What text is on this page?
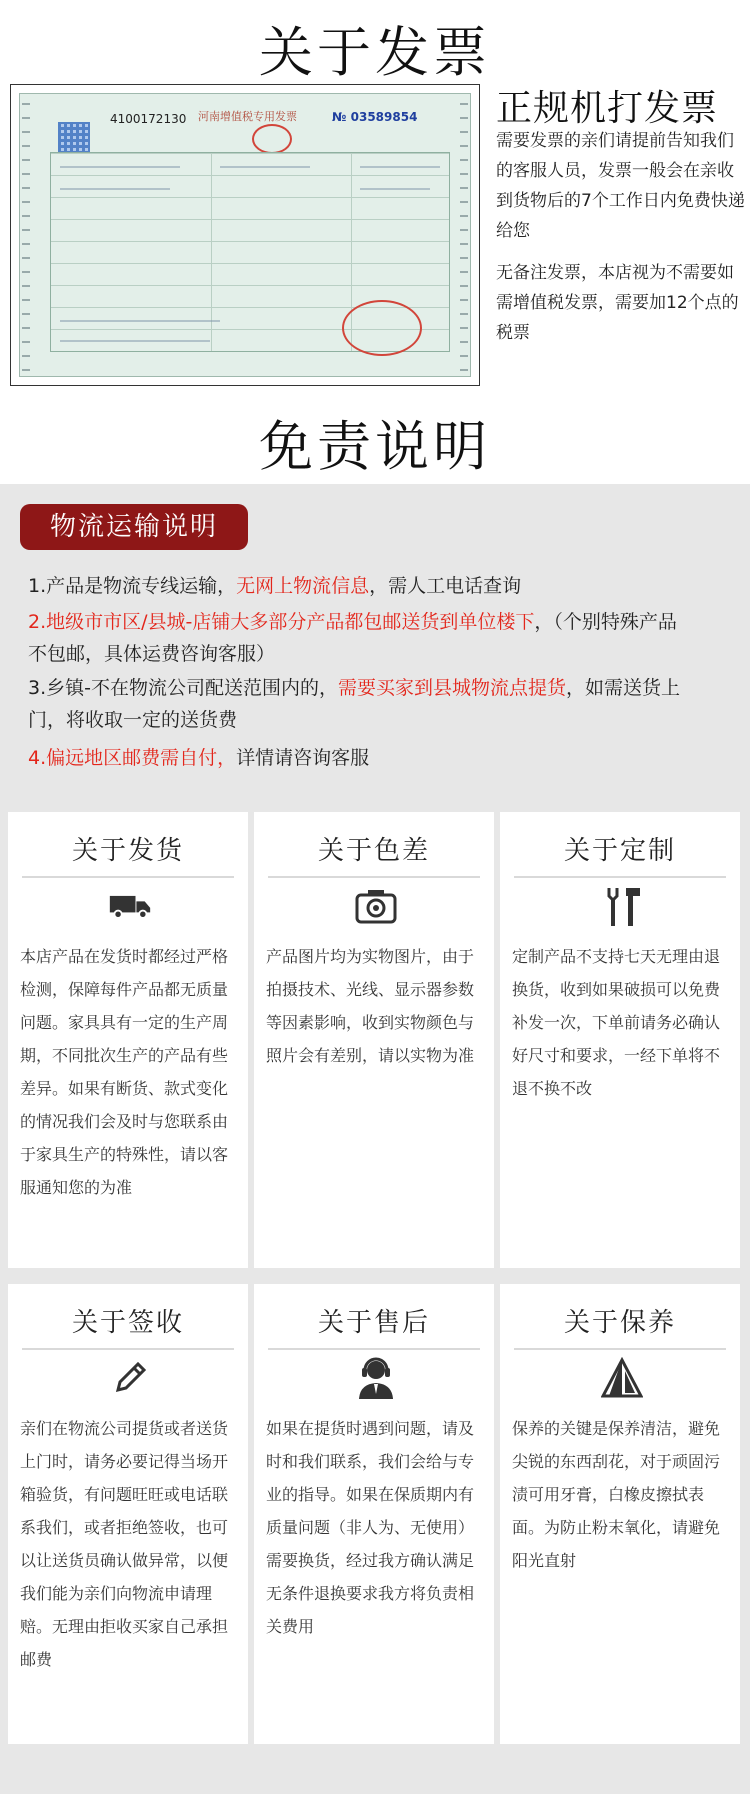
关于发票
4100172130 河南增值税专用发票	№ 03589854 正规机打发票

需要发票的亲们请提前告知我们的客服人员，发票一般会在亲收到货物后的7个工作日内免费快递给您

无备注发票，本店视为不需要如需增值税发票，需要加12个点的税票

免责说明
物流运输说明

1.产品是物流专线运输，无网上物流信息，需人工电话查询

2.地级市市区/县城-店铺大多部分产品都包邮送货到单位楼下，（个别特殊产品不包邮，具体运费咨询客服）

3.乡镇-不在物流公司配送范围内的，需要买家到县城物流点提货，如需送货上门，将收取一定的送货费

4.偏远地区邮费需自付，详情请咨询客服

关于发货
本店产品在发货时都经过严格检测，保障每件产品都无质量问题。家具具有一定的生产周期，不同批次生产的产品有些差异。如果有断货、款式变化的情况我们会及时与您联系由于家具生产的特殊性，请以客服通知您的为准
关于色差
产品图片均为实物图片，由于拍摄技术、光线、显示器参数等因素影响，收到实物颜色与照片会有差别，请以实物为准
关于定制
定制产品不支持七天无理由退换货，收到如果破损可以免费补发一次，下单前请务必确认好尺寸和要求，一经下单将不退不换不改
关于签收
亲们在物流公司提货或者送货上门时，请务必要记得当场开箱验货，有问题旺旺或电话联系我们，或者拒绝签收，也可以让送货员确认做异常，以便我们能为亲们向物流申请理赔。无理由拒收买家自己承担邮费
关于售后
如果在提货时遇到问题，请及时和我们联系，我们会给与专业的指导。如果在保质期内有质量问题（非人为、无使用）需要换货，经过我方确认满足无条件退换要求我方将负责相关费用
关于保养
保养的关键是保养清洁，避免尖锐的东西刮花，对于顽固污渍可用牙膏，白橡皮擦拭表面。为防止粉末氧化，请避免阳光直射
